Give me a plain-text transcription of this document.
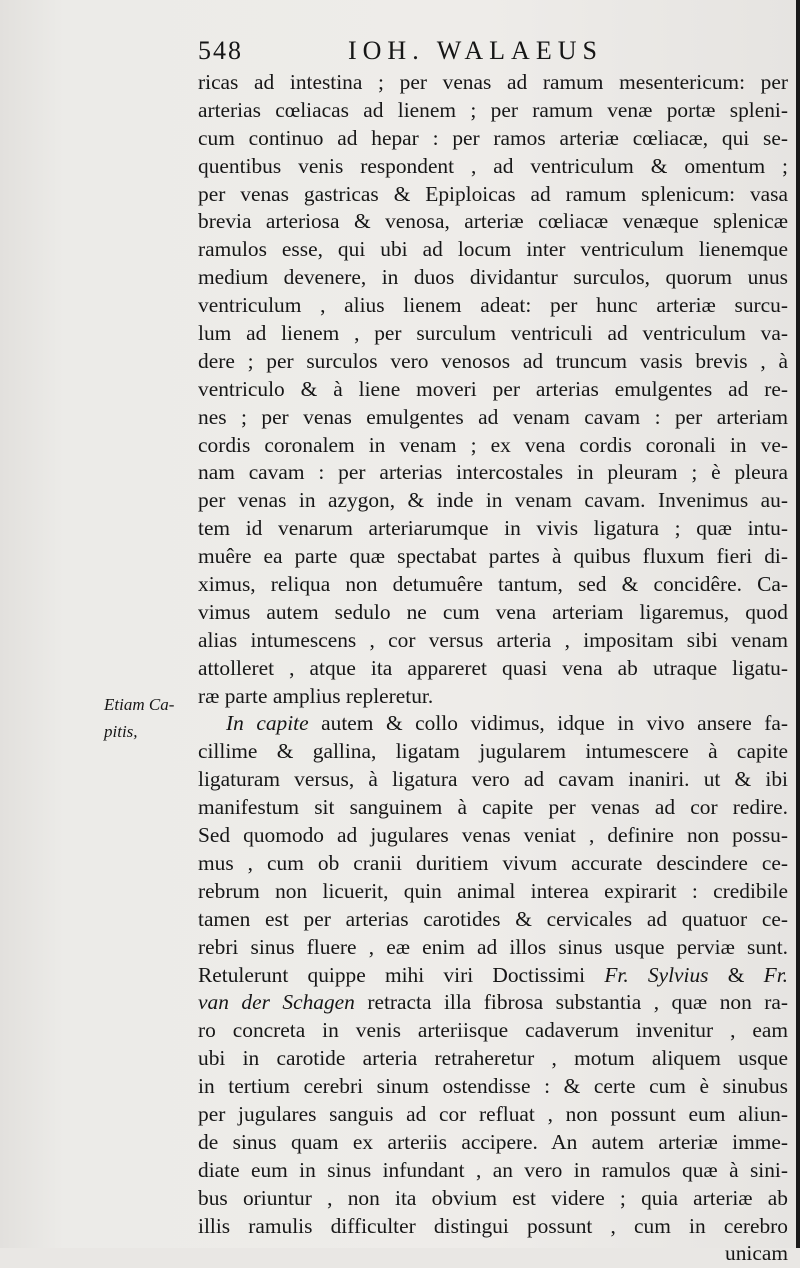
548	IOH. WALAEUS
Etiam Ca-
pitis,
ricas ad intestina ; per venas ad ramum mesentericum: per
arterias cœliacas ad lienem ; per ramum venæ portæ spleni-
cum continuo ad hepar : per ramos arteriæ cœliacæ, qui se-
quentibus venis respondent , ad ventriculum & omentum ;
per venas gastricas & Epiploicas ad ramum splenicum: vasa
brevia arteriosa & venosa, arteriæ cœliacæ venæque splenicæ
ramulos esse, qui ubi ad locum inter ventriculum lienemque
medium devenere, in duos dividantur surculos, quorum unus
ventriculum , alius lienem adeat: per hunc arteriæ surcu-
lum ad lienem , per surculum ventriculi ad ventriculum va-
dere ; per surculos vero venosos ad truncum vasis brevis , à
ventriculo & à liene moveri per arterias emulgentes ad re-
nes ; per venas emulgentes ad venam cavam : per arteriam
cordis coronalem in venam ; ex vena cordis coronali in ve-
nam cavam : per arterias intercostales in pleuram ; è pleura
per venas in azygon, & inde in venam cavam. Invenimus au-
tem id venarum arteriarumque in vivis ligatura ; quæ intu-
muêre ea parte quæ spectabat partes à quibus fluxum fieri di-
ximus, reliqua non detumuêre tantum, sed & concidêre. Ca-
vimus autem sedulo ne cum vena arteriam ligaremus, quod
alias intumescens , cor versus arteria , impositam sibi venam
attolleret , atque ita appareret quasi vena ab utraque ligatu-
ræ parte amplius repleretur.
In capite autem & collo vidimus, idque in vivo ansere fa-
cillime & gallina, ligatam jugularem intumescere à capite
ligaturam versus, à ligatura vero ad cavam inaniri. ut & ibi
manifestum sit sanguinem à capite per venas ad cor redire.
Sed quomodo ad jugulares venas veniat , definire non possu-
mus , cum ob cranii duritiem vivum accurate descindere ce-
rebrum non licuerit, quin animal interea expirarit : credibile
tamen est per arterias carotides & cervicales ad quatuor ce-
rebri sinus fluere , eæ enim ad illos sinus usque perviæ sunt.
Retulerunt quippe mihi viri Doctissimi Fr. Sylvius & Fr.
van der Schagen retracta illa fibrosa substantia , quæ non ra-
ro concreta in venis arteriisque cadaverum invenitur , eam
ubi in carotide arteria retraheretur , motum aliquem usque
in tertium cerebri sinum ostendisse : & certe cum è sinubus
per jugulares sanguis ad cor refluat , non possunt eum aliun-
de sinus quam ex arteriis accipere. An autem arteriæ imme-
diate eum in sinus infundant , an vero in ramulos quæ à sini-
bus oriuntur , non ita obvium est videre ; quia arteriæ ab
illis ramulis difficulter distingui possunt , cum in cerebro
unicam
